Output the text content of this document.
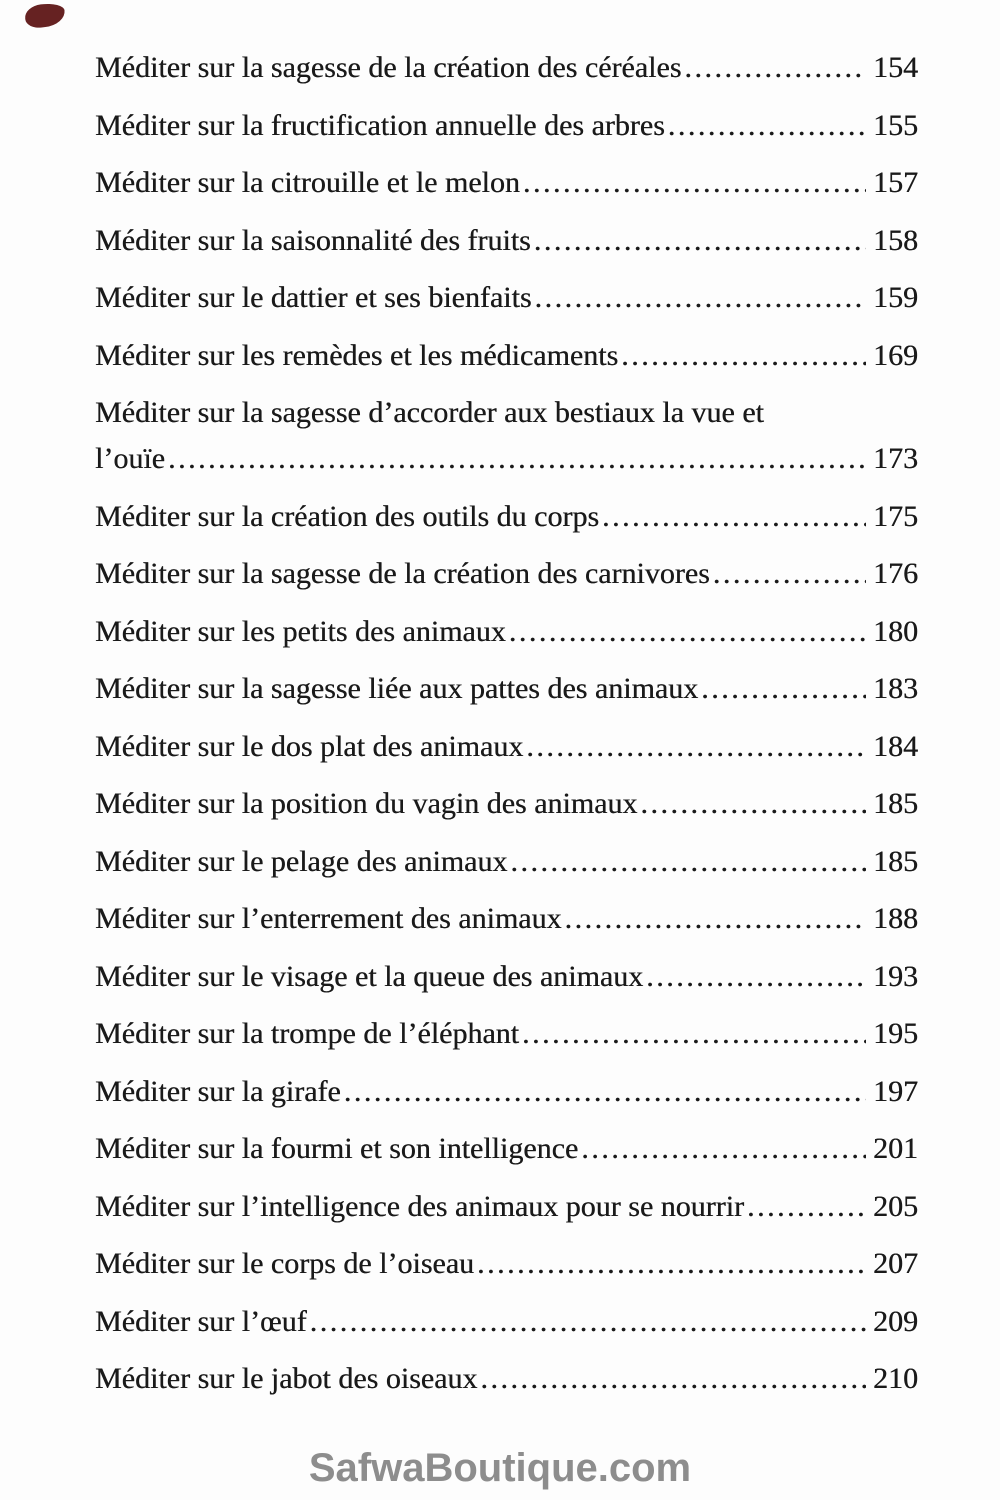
Méditer sur la sagesse de la création des céréales .....	154
Méditer sur la fructification annuelle des arbres .....	155
Méditer sur la citrouille et le melon .....	157
Méditer sur la saisonnalité des fruits .....	158
Méditer sur le dattier et ses bienfaits .....	159
Méditer sur les remèdes et les médicaments .....	169
Méditer sur la sagesse d’accorder aux bestiaux la vue et
l’ouïe .....	173
Méditer sur la création des outils du corps .....	175
Méditer sur la sagesse de la création des carnivores .....	176
Méditer sur les petits des animaux .....	180
Méditer sur la sagesse liée aux pattes des animaux .....	183
Méditer sur le dos plat des animaux .....	184
Méditer sur la position du vagin des animaux .....	185
Méditer sur le pelage des animaux .....	185
Méditer sur l’enterrement des animaux .....	188
Méditer sur le visage et la queue des animaux .....	193
Méditer sur la trompe de l’éléphant .....	195
Méditer sur la girafe .....	197
Méditer sur la fourmi et son intelligence .....	201
Méditer sur l’intelligence des animaux pour se nourrir .....	205
Méditer sur le corps de l’oiseau .....	207
Méditer sur l’œuf .....	209
Méditer sur le jabot des oiseaux .....	210
SafwaBoutique.com
